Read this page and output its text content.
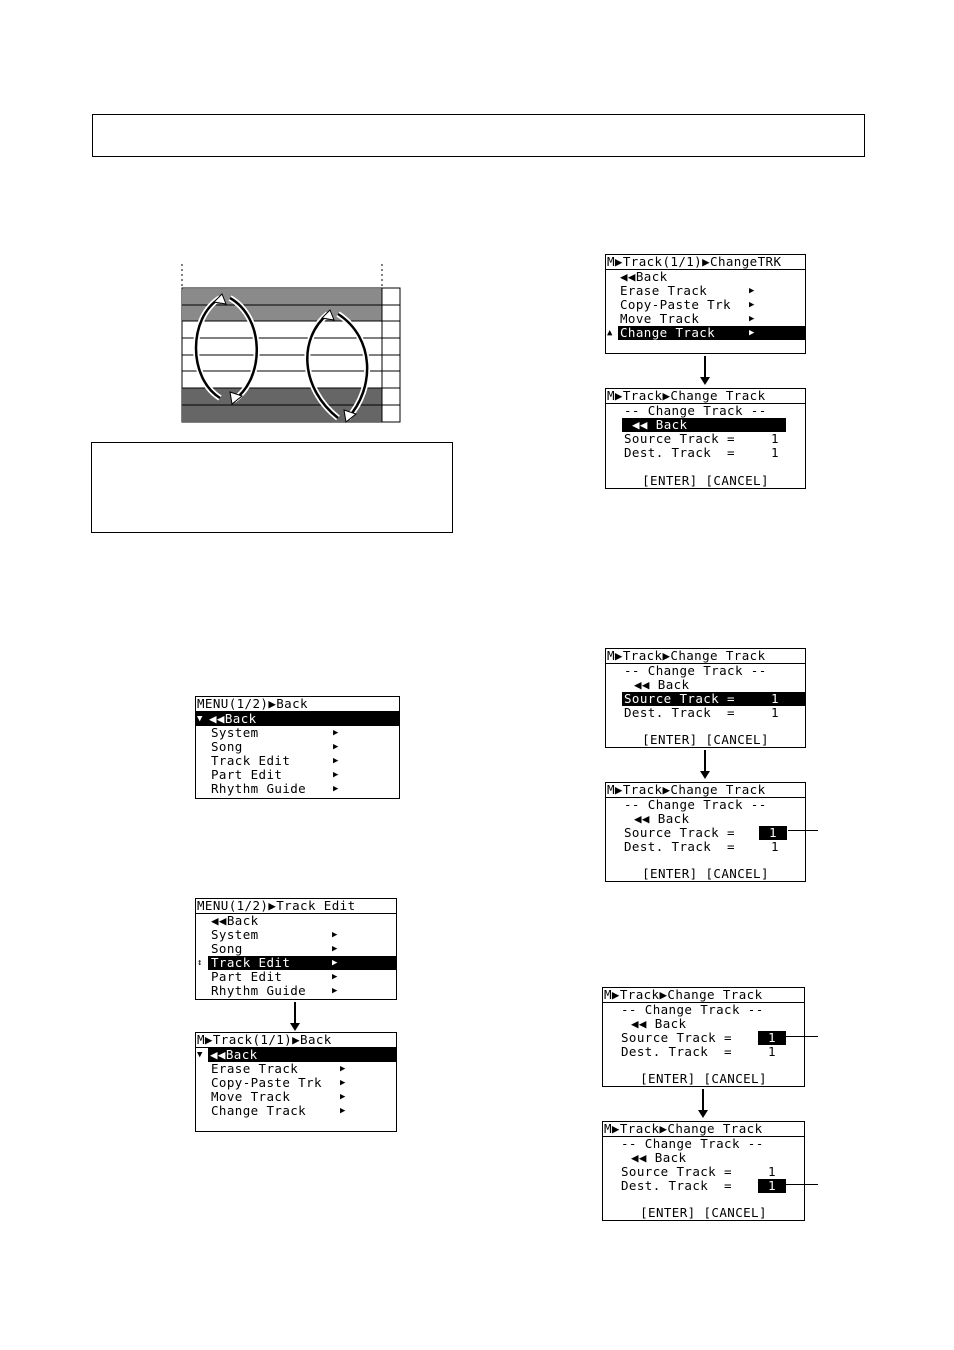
MENU(1/2)▶Back
▼ ◀◀Back
System	▶
Song	▶
Track Edit	▶
Part Edit	▶
Rhythm Guide	▶
MENU(1/2)▶Track Edit
◀◀Back
System	▶
Song	▶
↕ Track Edit	▶
Part Edit	▶
Rhythm Guide	▶
M▶Track(1/1)▶Back
▼ ◀◀Back
Erase Track	▶
Copy-Paste Trk ▶
Move Track	▶
Change Track	▶
M▶Track(1/1)▶ChangeTRK
◀◀Back
Erase Track	▶
Copy-Paste Trk ▶
Move Track	▶
▲ Change Track	▶
M▶Track▶Change Track
-- Change Track --
◀◀ Back
Source Track =	1
Dest. Track  =	1
[ENTER] [CANCEL]
M▶Track▶Change Track
-- Change Track --
◀◀ Back
Source Track =	1
Dest. Track  =	1
[ENTER] [CANCEL]
M▶Track▶Change Track
-- Change Track --
◀◀ Back
Source Track =	1
Dest. Track  =	1
[ENTER] [CANCEL]
M▶Track▶Change Track
-- Change Track --
◀◀ Back
Source Track =	1
Dest. Track  =	1
[ENTER] [CANCEL]
M▶Track▶Change Track
-- Change Track --
◀◀ Back
Source Track =	1
Dest. Track  =	1
[ENTER] [CANCEL]
